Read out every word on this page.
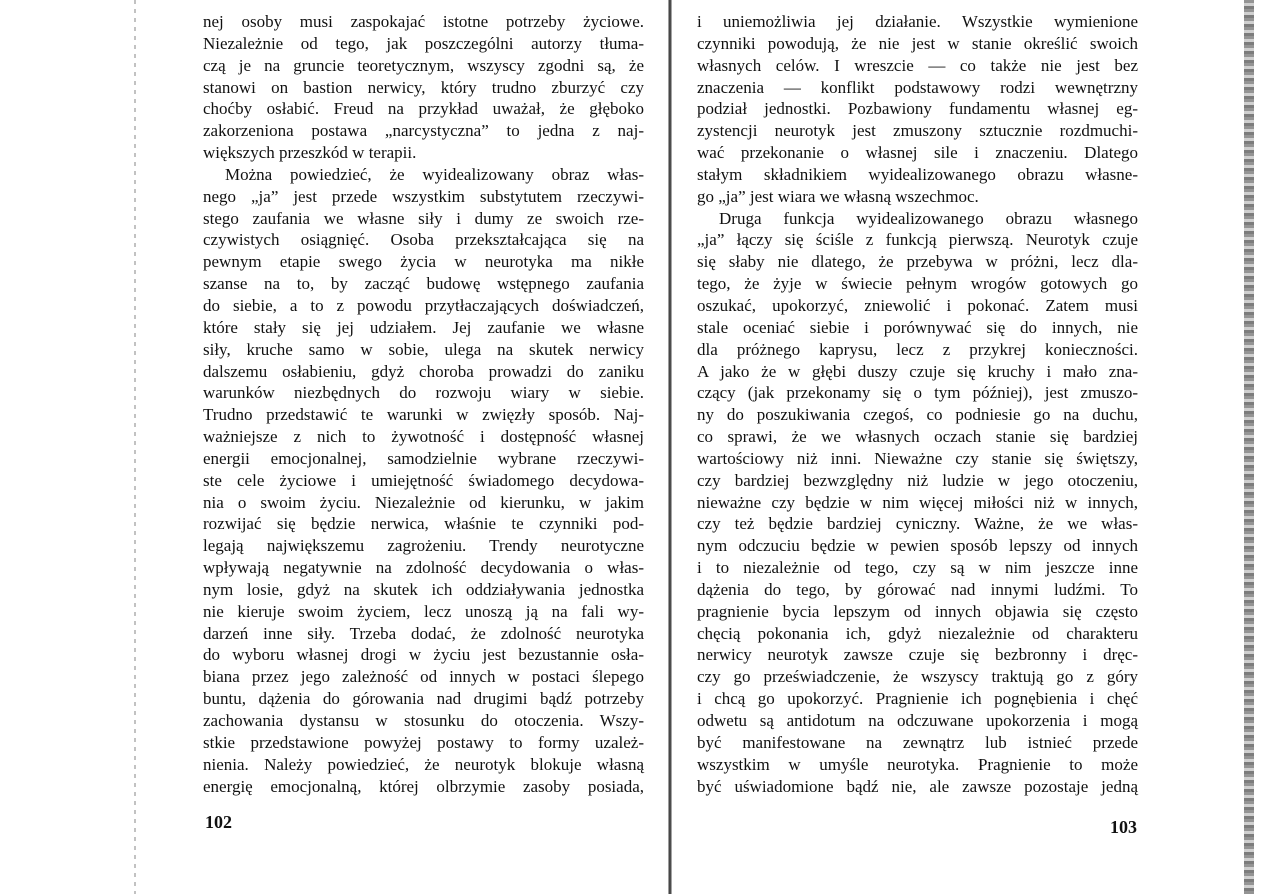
nej osoby musi zaspokajać istotne potrzeby życiowe.
Niezależnie od tego, jak poszczególni autorzy tłuma-
czą je na gruncie teoretycznym, wszyscy zgodni są, że
stanowi on bastion nerwicy, który trudno zburzyć czy
choćby osłabić. Freud na przykład uważał, że głęboko
zakorzeniona postawa „narcystyczna” to jedna z naj-
większych przeszkód w terapii.
Można powiedzieć, że wyidealizowany obraz włas-
nego „ja” jest przede wszystkim substytutem rzeczywi-
stego zaufania we własne siły i dumy ze swoich rze-
czywistych osiągnięć. Osoba przekształcająca się na
pewnym etapie swego życia w neurotyka ma nikłe
szanse na to, by zacząć budowę wstępnego zaufania
do siebie, a to z powodu przytłaczających doświadczeń,
które stały się jej udziałem. Jej zaufanie we własne
siły, kruche samo w sobie, ulega na skutek nerwicy
dalszemu osłabieniu, gdyż choroba prowadzi do zaniku
warunków niezbędnych do rozwoju wiary w siebie.
Trudno przedstawić te warunki w zwięzły sposób. Naj-
ważniejsze z nich to żywotność i dostępność własnej
energii emocjonalnej, samodzielnie wybrane rzeczywi-
ste cele życiowe i umiejętność świadomego decydowa-
nia o swoim życiu. Niezależnie od kierunku, w jakim
rozwijać się będzie nerwica, właśnie te czynniki pod-
legają największemu zagrożeniu. Trendy neurotyczne
wpływają negatywnie na zdolność decydowania o włas-
nym losie, gdyż na skutek ich oddziaływania jednostka
nie kieruje swoim życiem, lecz unoszą ją na fali wy-
darzeń inne siły. Trzeba dodać, że zdolność neurotyka
do wyboru własnej drogi w życiu jest bezustannie osła-
biana przez jego zależność od innych w postaci ślepego
buntu, dążenia do górowania nad drugimi bądź potrzeby
zachowania dystansu w stosunku do otoczenia. Wszy-
stkie przedstawione powyżej postawy to formy uzależ-
nienia. Należy powiedzieć, że neurotyk blokuje własną
energię emocjonalną, której olbrzymie zasoby posiada,
i uniemożliwia jej działanie. Wszystkie wymienione
czynniki powodują, że nie jest w stanie określić swoich
własnych celów. I wreszcie — co także nie jest bez
znaczenia — konflikt podstawowy rodzi wewnętrzny
podział jednostki. Pozbawiony fundamentu własnej eg-
zystencji neurotyk jest zmuszony sztucznie rozdmuchi-
wać przekonanie o własnej sile i znaczeniu. Dlatego
stałym składnikiem wyidealizowanego obrazu własne-
go „ja” jest wiara we własną wszechmoc.
Druga funkcja wyidealizowanego obrazu własnego
„ja” łączy się ściśle z funkcją pierwszą. Neurotyk czuje
się słaby nie dlatego, że przebywa w próżni, lecz dla-
tego, że żyje w świecie pełnym wrogów gotowych go
oszukać, upokorzyć, zniewolić i pokonać. Zatem musi
stale oceniać siebie i porównywać się do innych, nie
dla próżnego kaprysu, lecz z przykrej konieczności.
A jako że w głębi duszy czuje się kruchy i mało zna-
czący (jak przekonamy się o tym później), jest zmuszo-
ny do poszukiwania czegoś, co podniesie go na duchu,
co sprawi, że we własnych oczach stanie się bardziej
wartościowy niż inni. Nieważne czy stanie się świętszy,
czy bardziej bezwzględny niż ludzie w jego otoczeniu,
nieważne czy będzie w nim więcej miłości niż w innych,
czy też będzie bardziej cyniczny. Ważne, że we włas-
nym odczuciu będzie w pewien sposób lepszy od innych
i to niezależnie od tego, czy są w nim jeszcze inne
dążenia do tego, by górować nad innymi ludźmi. To
pragnienie bycia lepszym od innych objawia się często
chęcią pokonania ich, gdyż niezależnie od charakteru
nerwicy neurotyk zawsze czuje się bezbronny i dręc-
czy go przeświadczenie, że wszyscy traktują go z góry
i chcą go upokorzyć. Pragnienie ich pognębienia i chęć
odwetu są antidotum na odczuwane upokorzenia i mogą
być manifestowane na zewnątrz lub istnieć przede
wszystkim w umyśle neurotyka. Pragnienie to może
być uświadomione bądź nie, ale zawsze pozostaje jedną
102	103
